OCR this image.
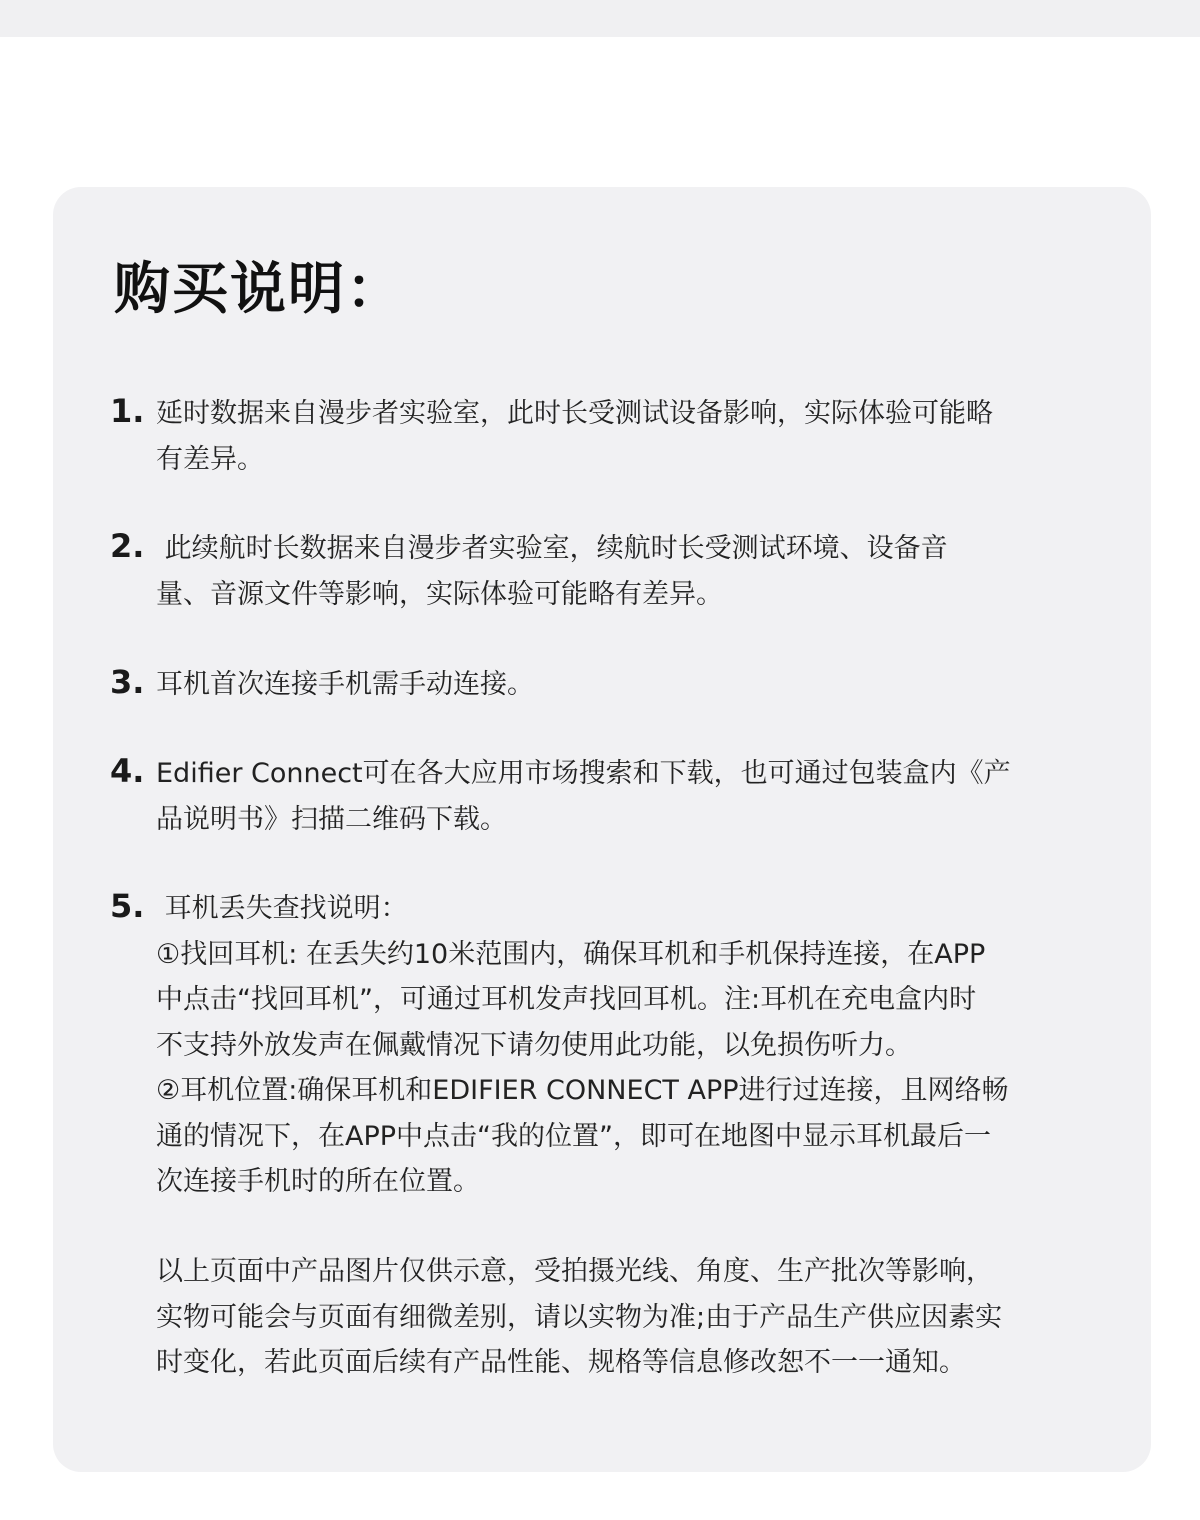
购买说明：
1. 延时数据来自漫步者实验室，此时长受测试设备影响，实际体验可能略

有差异。

2. 此续航时长数据来自漫步者实验室，续航时长受测试环境、设备音

量、音源文件等影响，实际体验可能略有差异。

3. 耳机首次连接手机需手动连接。

4. Edifier Connect可在各大应用市场搜索和下载，也可通过包装盒内《产

品说明书》扫描二维码下载。

5. 耳机丢失查找说明：

①找回耳机: 在丢失约10米范围内，确保耳机和手机保持连接，在APP

中点击“找回耳机”，可通过耳机发声找回耳机。注:耳机在充电盒内时

不支持外放发声在佩戴情况下请勿使用此功能，以免损伤听力。

②耳机位置:确保耳机和EDIFIER CONNECT APP进行过连接，且网络畅

通的情况下，在APP中点击“我的位置”，即可在地图中显示耳机最后一

次连接手机时的所在位置。

以上页面中产品图片仅供示意，受拍摄光线、角度、生产批次等影响，

实物可能会与页面有细微差别，请以实物为准;由于产品生产供应因素实

时变化，若此页面后续有产品性能、规格等信息修改恕不一一通知。
